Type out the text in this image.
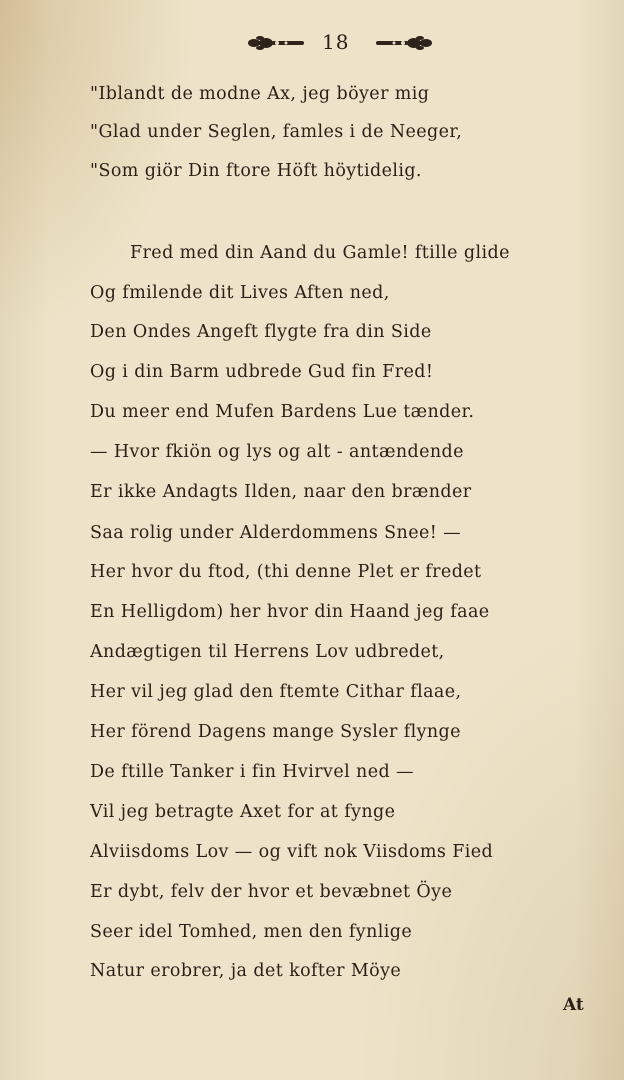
18
"Iblandt de modne Ax, jeg böyer mig
"Glad under Seglen, famles i de Neeger,
"Som giör Din ftore Höft höytidelig.
Fred med din Aand du Gamle! ftille glide
Og fmilende dit Lives Aften ned,
Den Ondes Angeft flygte fra din Side
Og i din Barm udbrede Gud fin Fred!
Du meer end Mufen Bardens Lue tænder.
— Hvor fkiön og lys og alt - antændende
Er ikke Andagts Ilden, naar den brænder
Saa rolig under Alderdommens Snee! —
Her hvor du ftod, (thi denne Plet er fredet
En Helligdom) her hvor din Haand jeg faae
Andægtigen til Herrens Lov udbredet,
Her vil jeg glad den ftemte Cithar flaae,
Her förend Dagens mange Sysler flynge
De ftille Tanker i fin Hvirvel ned —
Vil jeg betragte Axet for at fynge
Alviisdoms Lov — og vift nok Viisdoms Fied
Er dybt, felv der hvor et bevæbnet Öye
Seer idel Tomhed, men den fynlige
Natur erobrer, ja det kofter Möye
At
